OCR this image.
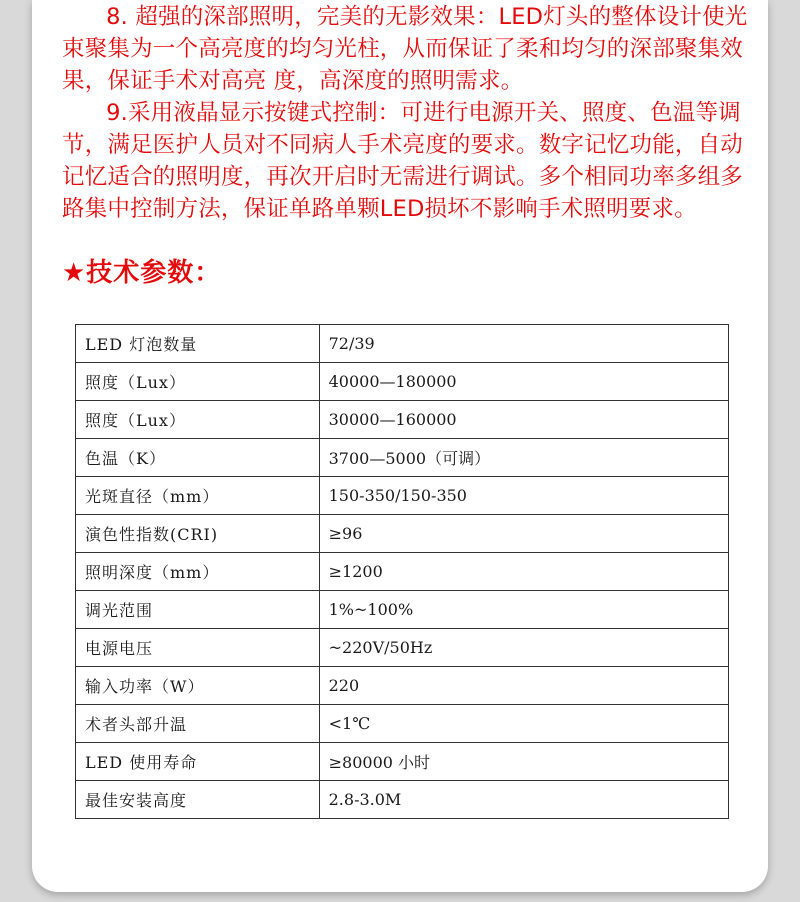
8. 超强的深部照明，完美的无影效果：LED灯头的整体设计使光束聚集为一个高亮度的均匀光柱，从而保证了柔和均匀的深部聚集效果，保证手术对高亮 度，高深度的照明需求。

9.采用液晶显示按键式控制：可进行电源开关、照度、色温等调节，满足医护人员对不同病人手术亮度的要求。数字记忆功能，自动记忆适合的照明度，再次开启时无需进行调试。多个相同功率多组多路集中控制方法，保证单路单颗LED损坏不影响手术照明要求。

★技术参数：
LED 灯泡数量	72/39
照度（Lux）	40000—180000
照度（Lux）	30000—160000
色温（K）	3700—5000（可调）
光斑直径（mm）	150-350/150-350
演色性指数(CRI)	≥96
照明深度（mm）	≥1200
调光范围	1%~100%
电源电压	~220V/50Hz
输入功率（W）	220
术者头部升温	<1℃
LED 使用寿命	≥80000 小时
最佳安装高度	2.8-3.0M
